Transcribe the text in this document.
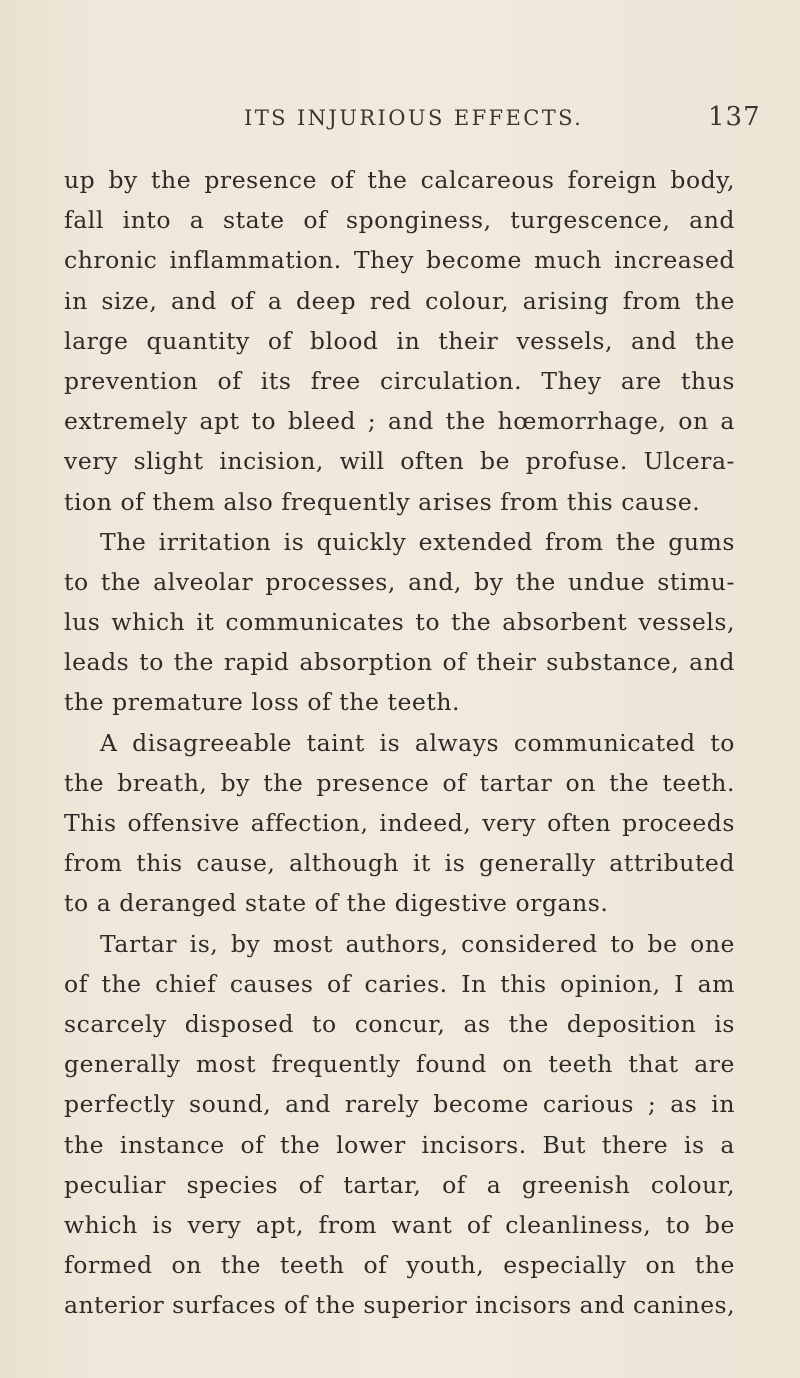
ITS INJURIOUS EFFECTS.	137
up by the presence of the calcareous foreign body,
fall into a state of sponginess, turgescence, and
chronic inflammation. They become much increased
in size, and of a deep red colour, arising from the
large quantity of blood in their vessels, and the
prevention of its free circulation. They are thus
extremely apt to bleed ; and the hœmorrhage, on a
very slight incision, will often be profuse. Ulcera-
tion of them also frequently arises from this cause.
The irritation is quickly extended from the gums
to the alveolar processes, and, by the undue stimu-
lus which it communicates to the absorbent vessels,
leads to the rapid absorption of their substance, and
the premature loss of the teeth.
A disagreeable taint is always communicated to
the breath, by the presence of tartar on the teeth.
This offensive affection, indeed, very often proceeds
from this cause, although it is generally attributed
to a deranged state of the digestive organs.
Tartar is, by most authors, considered to be one
of the chief causes of caries. In this opinion, I am
scarcely disposed to concur, as the deposition is
generally most frequently found on teeth that are
perfectly sound, and rarely become carious ; as in
the instance of the lower incisors. But there is a
peculiar species of tartar, of a greenish colour,
which is very apt, from want of cleanliness, to be
formed on the teeth of youth, especially on the
anterior surfaces of the superior incisors and canines,
